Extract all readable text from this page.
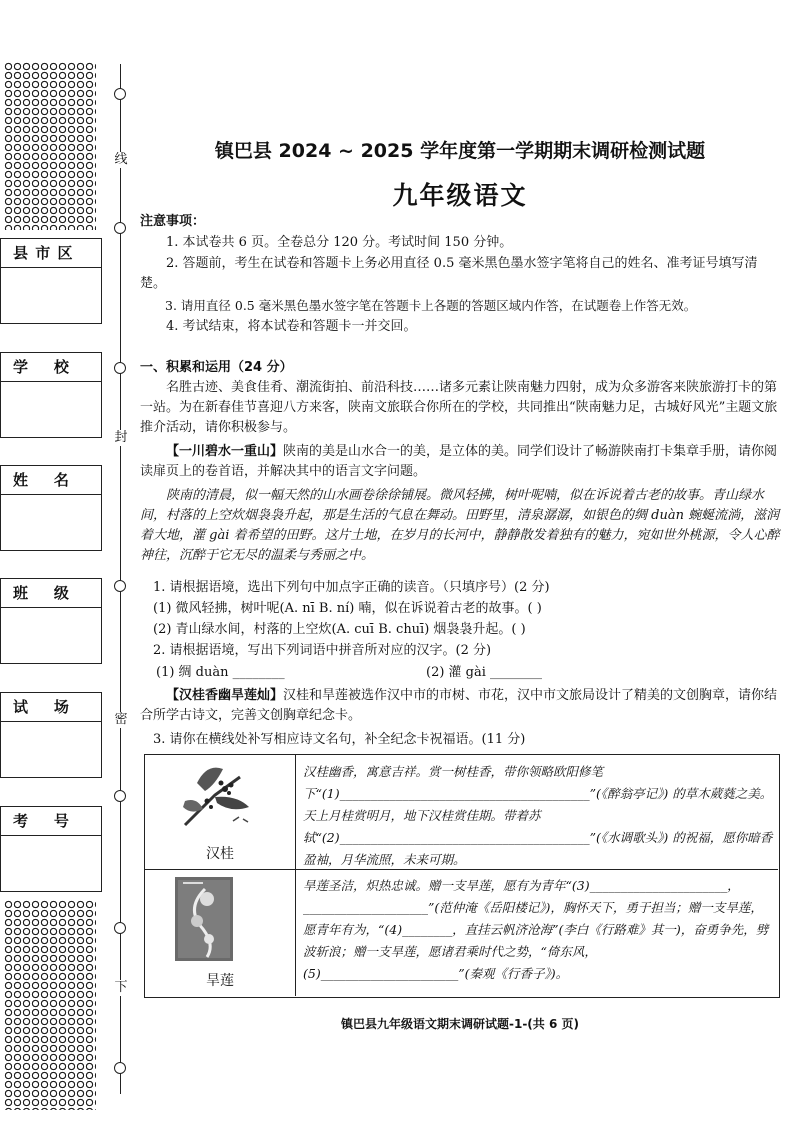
线
封
密
下
县 市 区
学    校
姓    名
班    级
试    场
考    号
镇巴县 2024 ~ 2025 学年度第一学期期末调研检测试题
九年级语文

注意事项：

1. 本试卷共 6 页。全卷总分 120 分。考试时间 150 分钟。

2. 答题前，考生在试卷和答题卡上务必用直径 0.5 毫米黑色墨水签字笔将自己的姓名、准考证号填写清楚。

3. 请用直径 0.5 毫米黑色墨水签字笔在答题卡上各题的答题区域内作答，在试题卷上作答无效。

4. 考试结束，将本试卷和答题卡一并交回。

一、积累和运用（24 分）

名胜古迹、美食佳肴、潮流街拍、前沿科技……诸多元素让陕南魅力四射，成为众多游客来陕旅游打卡的第一站。为在新春佳节喜迎八方来客，陕南文旅联合你所在的学校，共同推出“陕南魅力足，古城好风光”主题文旅推介活动，请你积极参与。

【一川碧水一重山】陕南的美是山水合一的美，是立体的美。同学们设计了畅游陕南打卡集章手册，请你阅读扉页上的卷首语，并解决其中的语言文字问题。

陕南的清晨，似一幅天然的山水画卷徐徐铺展。微风轻拂，树叶呢喃，似在诉说着古老的故事。青山绿水间，村落的上空炊烟袅袅升起，那是生活的气息在舞动。田野里，清泉潺潺，如银色的绸 duàn 蜿蜒流淌，滋润着大地，灌 gài 着希望的田野。这片土地，在岁月的长河中，静静散发着独有的魅力，宛如世外桃源，令人心醉神往，沉醉于它无尽的温柔与秀丽之中。

1. 请根据语境，选出下列句中加点字正确的读音。（只填序号）(2 分)

(1) 微风轻拂，树叶呢(A. nī B. ní) 喃，似在诉说着古老的故事。( )

(2) 青山绿水间，村落的上空炊(A. cuī B. chuī) 烟袅袅升起。( )

2. 请根据语境，写出下列词语中拼音所对应的汉字。(2 分)

(1) 绸 duàn ________	(2) 灌 gài ________

【汉桂香幽旱莲灿】汉桂和旱莲被选作汉中市的市树、市花，汉中市文旅局设计了精美的文创胸章，请你结合所学古诗文，完善文创胸章纪念卡。

3. 请你在横线处补写相应诗文名句，补全纪念卡祝福语。(11 分)

汉桂
汉桂幽香，寓意吉祥。赏一树桂香，带你领略欧阳修笔下“(1)________________________________________”(《醉翁亭记》) 的草木葳蕤之美。天上月桂赏明月，地下汉桂赏佳期。带着苏轼“(2)________________________________________”(《水调歌头》) 的祝福，愿你暗香盈袖，月华流照，未来可期。
旱莲
旱莲圣洁，炽热忠诚。赠一支旱莲，愿有为青年“(3)______________________，____________________”(范仲淹《岳阳楼记》)，胸怀天下，勇于担当；赠一支旱莲，愿青年有为，“(4)________，直挂云帆济沧海”(李白《行路难》其一)，奋勇争先，劈波斩浪；赠一支旱莲，愿诸君乘时代之势，“倚东风，(5)______________________”(秦观《行香子》)。
镇巴县九年级语文期末调研试题-1-(共 6 页)
